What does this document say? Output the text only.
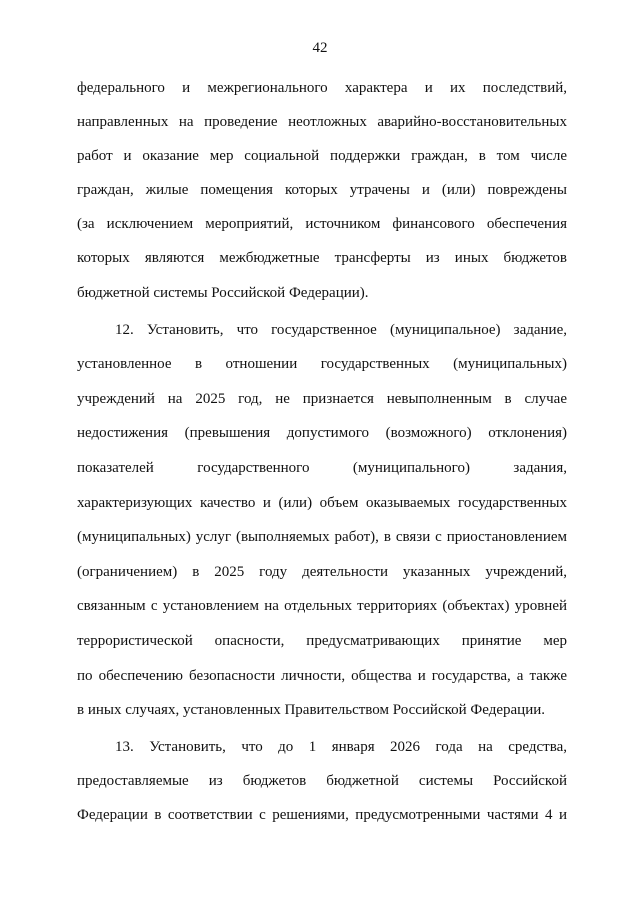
42
федерального и межрегионального характера и их последствий,
направленных на проведение неотложных аварийно-восстановительных
работ и оказание мер социальной поддержки граждан, в том числе
граждан, жилые помещения которых утрачены и (или) повреждены
(за исключением мероприятий, источником финансового обеспечения
которых являются межбюджетные трансферты из иных бюджетов
бюджетной системы Российской Федерации).
12. Установить, что государственное (муниципальное) задание,
установленное в отношении государственных (муниципальных)
учреждений на 2025 год, не признается невыполненным в случае
недостижения (превышения допустимого (возможного) отклонения)
показателей государственного (муниципального) задания,
характеризующих качество и (или) объем оказываемых государственных
(муниципальных) услуг (выполняемых работ), в связи с приостановлением
(ограничением) в 2025 году деятельности указанных учреждений,
связанным с установлением на отдельных территориях (объектах) уровней
террористической опасности, предусматривающих принятие мер
по обеспечению безопасности личности, общества и государства, а также
в иных случаях, установленных Правительством Российской Федерации.
13. Установить, что до 1 января 2026 года на средства,
предоставляемые из бюджетов бюджетной системы Российской
Федерации в соответствии с решениями, предусмотренными частями 4 и
